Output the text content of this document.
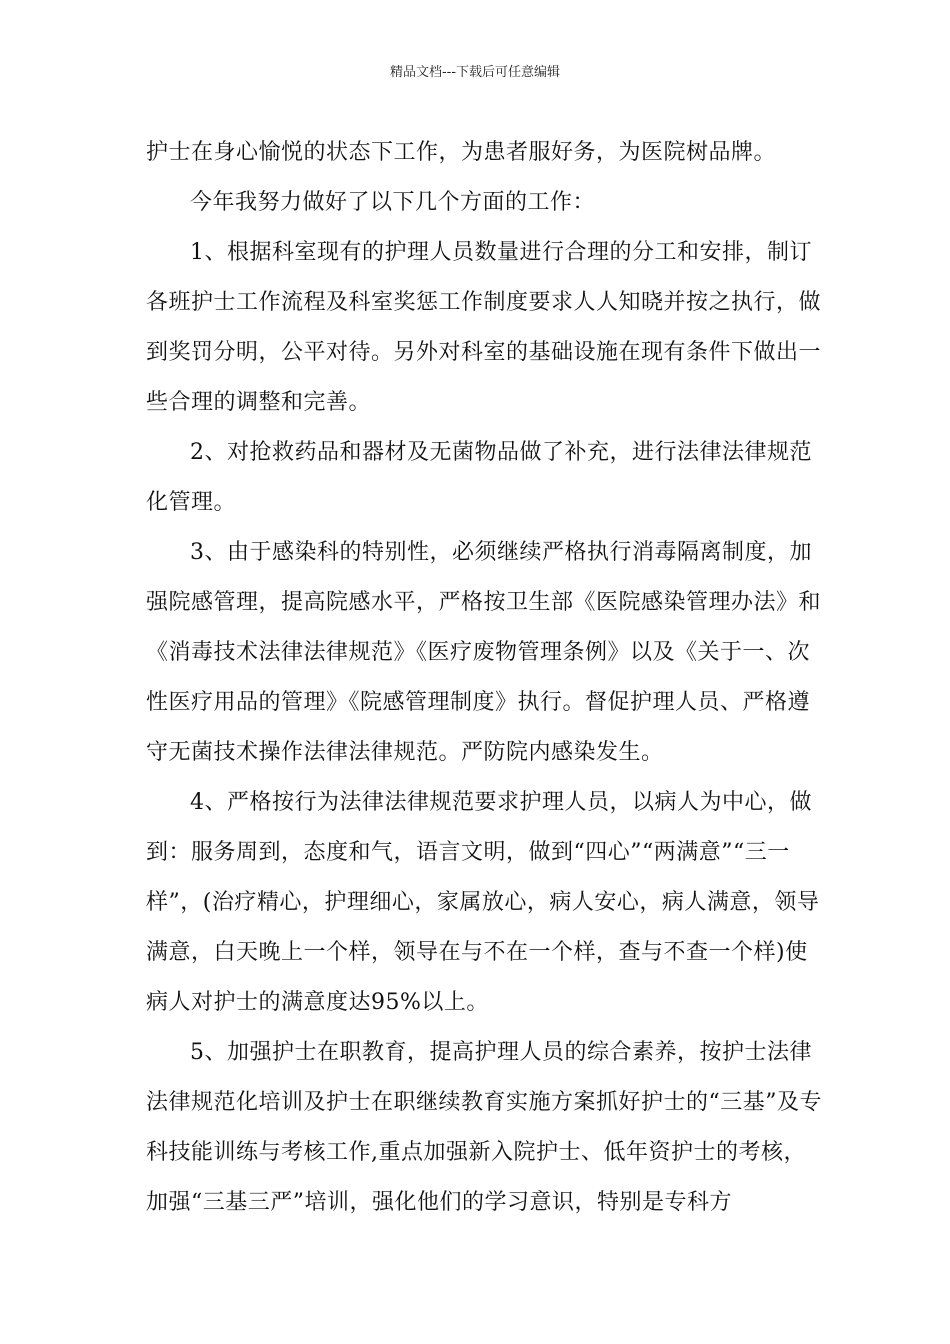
精品文档---下载后可任意编辑

护士在身心愉悦的状态下工作，为患者服好务，为医院树品牌。

今年我努力做好了以下几个方面的工作：

1、根据科室现有的护理人员数量进行合理的分工和安排，制订各班护士工作流程及科室奖惩工作制度要求人人知晓并按之执行，做到奖罚分明，公平对待。另外对科室的基础设施在现有条件下做出一些合理的调整和完善。

2、对抢救药品和器材及无菌物品做了补充，进行法律法律规范化管理。

3、由于感染科的特别性，必须继续严格执行消毒隔离制度，加强院感管理，提高院感水平，严格按卫生部《医院感染管理办法》和《消毒技术法律法律规范》《医疗废物管理条例》以及《关于一、次性医疗用品的管理》《院感管理制度》执行。督促护理人员、严格遵守无菌技术操作法律法律规范。严防院内感染发生。

4、严格按行为法律法律规范要求护理人员，以病人为中心，做到：服务周到，态度和气，语言文明，做到“四心”“两满意”“三一样”，(治疗精心，护理细心，家属放心，病人安心，病人满意，领导满意，白天晚上一个样，领导在与不在一个样，查与不查一个样)使病人对护士的满意度达95%以上。

5、加强护士在职教育，提高护理人员的综合素养，按护士法律法律规范化培训及护士在职继续教育实施方案抓好护士的“三基”及专科技能训练与考核工作,重点加强新入院护士、低年资护士的考核，加强“三基三严”培训，强化他们的学习意识，特别是专科方
